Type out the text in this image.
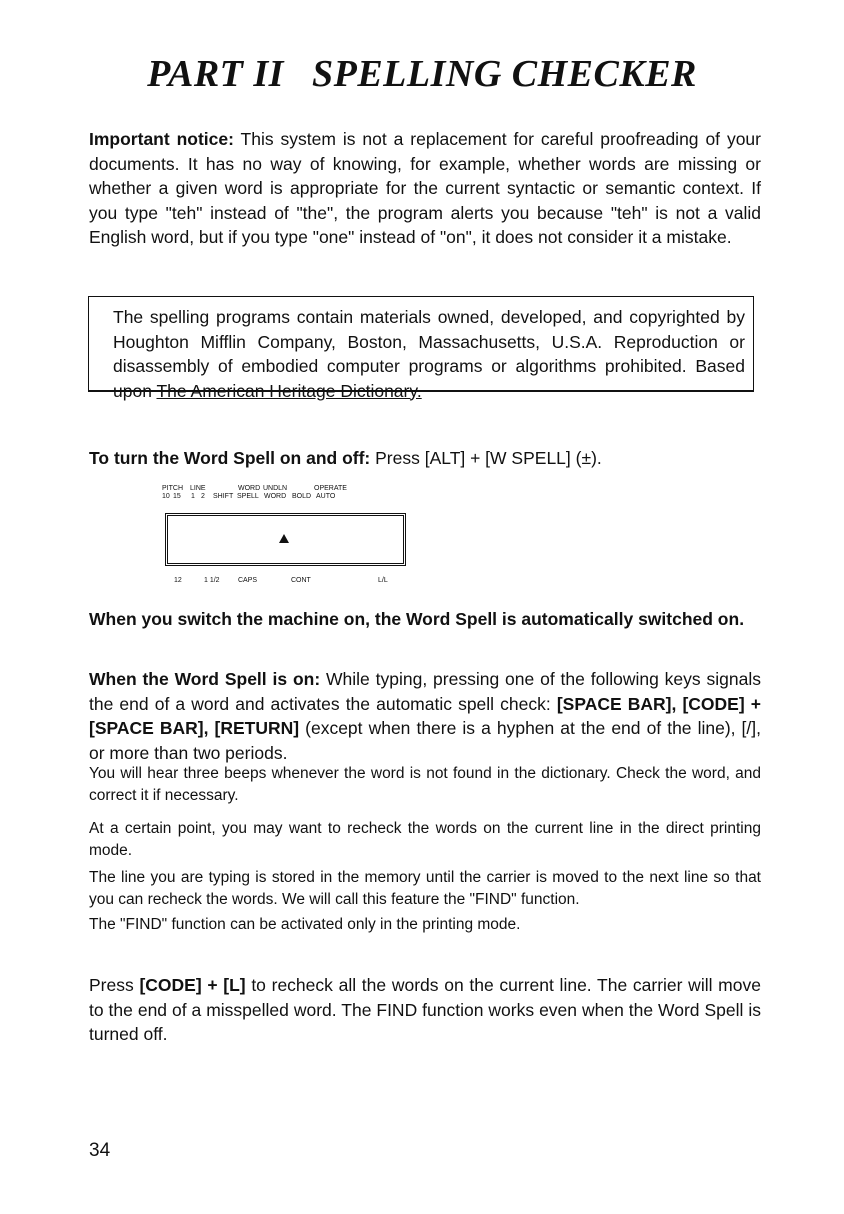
PART II SPELLING CHECKER
Important notice: This system is not a replacement for careful proofreading of your documents. It has no way of knowing, for example, whether words are missing or whether a given word is appropriate for the current syntactic or semantic context. If you type "teh" instead of "the", the program alerts you because "teh" is not a valid English word, but if you type "one" instead of "on", it does not consider it a mistake.
The spelling programs contain materials owned, developed, and copyrighted by Houghton Mifflin Company, Boston, Massachusetts, U.S.A. Reproduction or disassembly of embodied computer programs or algorithms prohibited. Based upon The American Heritage Dictionary.
To turn the Word Spell on and off: Press [ALT] + [W SPELL] (±).
PITCH LINE	WORD UNDLN	OPERATE
10 15 1 2 SHIFT SPELL WORD BOLD AUTO
12	1 1/2	CAPS	CONT	L/L
When you switch the machine on, the Word Spell is automatically switched on.
When the Word Spell is on: While typing, pressing one of the following keys signals the end of a word and activates the automatic spell check: [SPACE BAR], [CODE] + [SPACE BAR], [RETURN] (except when there is a hyphen at the end of the line), [/], or more than two periods.
You will hear three beeps whenever the word is not found in the dictionary. Check the word, and correct it if necessary.
At a certain point, you may want to recheck the words on the current line in the direct printing mode.
The line you are typing is stored in the memory until the carrier is moved to the next line so that you can recheck the words. We will call this feature the "FIND" function.
The "FIND" function can be activated only in the printing mode.
Press [CODE] + [L] to recheck all the words on the current line. The carrier will move to the end of a misspelled word. The FIND function works even when the Word Spell is turned off.
34
